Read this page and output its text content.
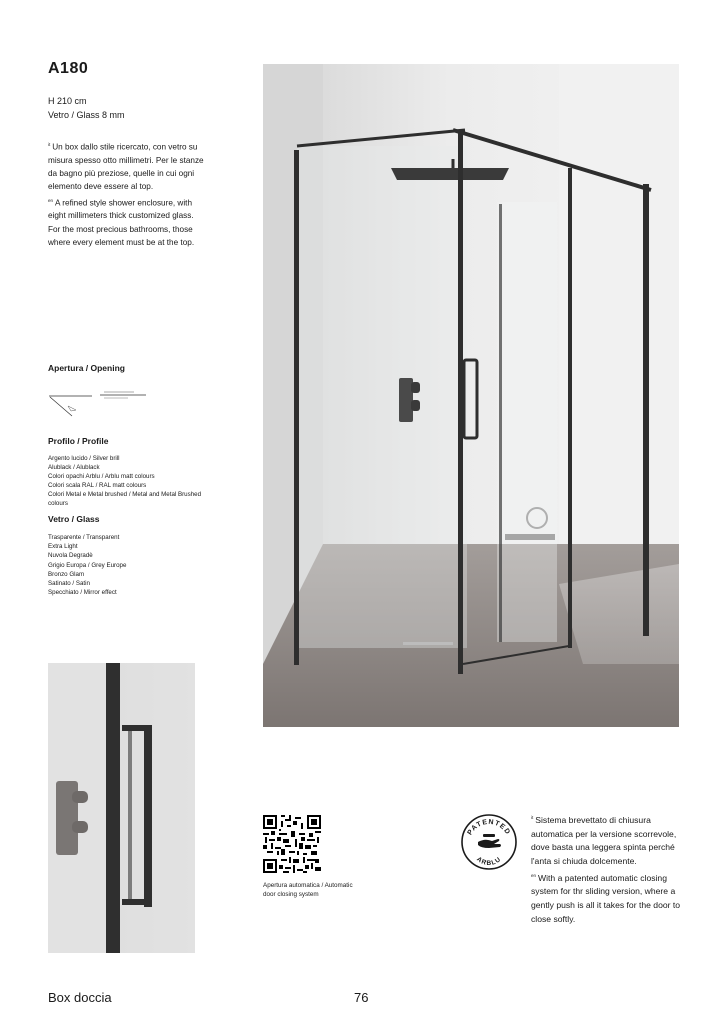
A180
H 210 cm
Vetro / Glass 8 mm

$^{it}$ Un box dallo stile ricercato, con vetro su misura spesso otto millimetri. Per le stanze da bagno più preziose, quelle in cui ogni elemento deve essere al top.

$^{en}$ A refined style shower enclosure, with eight millimeters thick customized glass. For the most precious bathrooms, those where every element must be at the top.

Apertura / Opening
Profilo / Profile
Argento lucido / Silver brill
Alublack / Alublack
Colori opachi Arblu / Arblu matt colours
Colori scala RAL / RAL matt colours
Colori Metal e Metal brushed / Metal and Metal Brushed colours
Vetro / Glass
Trasparente / Transparent
Extra Light
Nuvola Degradè
Grigio Europa / Grey Europe
Bronzo Glam
Satinato / Satin
Specchiato / Mirror effect
Apertura automatica / Automatic door closing system
PATENTED
ARBLU

$^{it}$ Sistema brevettato di chiusura automatica per la versione scorrevole, dove basta una leggera spinta perché l'anta si chiuda dolcemente.

$^{en}$ With a patented automatic closing system for thr sliding version, where a gently push is all it takes for the door to close softly.

Box doccia	76
